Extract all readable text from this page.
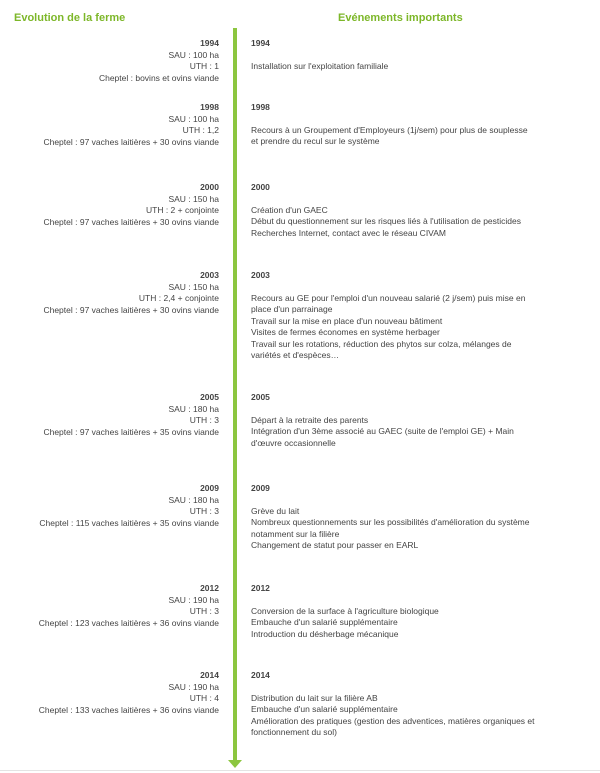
Evolution de la ferme	Evénements importants
1994
SAU : 100 ha
UTH : 1
Cheptel : bovins et ovins viande
1994
Installation sur l'exploitation familiale
1998
SAU : 100 ha
UTH : 1,2
Cheptel : 97 vaches laitières + 30 ovins viande
1998
Recours à un Groupement d'Employeurs (1j/sem) pour plus de souplesse
et prendre du recul sur le système
2000
SAU : 150 ha
UTH : 2 + conjointe
Cheptel : 97 vaches laitières + 30 ovins viande
2000
Création d'un GAEC
Début du questionnement sur les risques liés à l'utilisation de pesticides
Recherches Internet, contact avec le réseau CIVAM
2003
SAU : 150 ha
UTH : 2,4 + conjointe
Cheptel : 97 vaches laitières + 30 ovins viande
2003
Recours au GE pour l'emploi d'un nouveau salarié (2 j/sem) puis mise en
place d'un parrainage
Travail sur la mise en place d'un nouveau bâtiment
Visites de fermes économes en système herbager
Travail sur les rotations, réduction des phytos sur colza, mélanges de
variétés et d'espèces…
2005
SAU : 180 ha
UTH : 3
Cheptel : 97 vaches laitières + 35 ovins viande
2005
Départ à la retraite des parents
Intégration d'un 3ème associé au GAEC (suite de l'emploi GE) + Main
d'œuvre occasionnelle
2009
SAU : 180 ha
UTH : 3
Cheptel : 115 vaches laitières + 35 ovins viande
2009
Grève du lait
Nombreux questionnements sur les possibilités d'amélioration du système
notamment sur la filière
Changement de statut pour passer en EARL
2012
SAU : 190 ha
UTH : 3
Cheptel : 123 vaches laitières + 36 ovins viande
2012
Conversion de la surface à l'agriculture biologique
Embauche d'un salarié supplémentaire
Introduction du désherbage mécanique
2014
SAU : 190 ha
UTH : 4
Cheptel : 133 vaches laitières + 36 ovins viande
2014
Distribution du lait sur la filière AB
Embauche d'un salarié supplémentaire
Amélioration des pratiques (gestion des adventices, matières organiques et
fonctionnement du sol)
